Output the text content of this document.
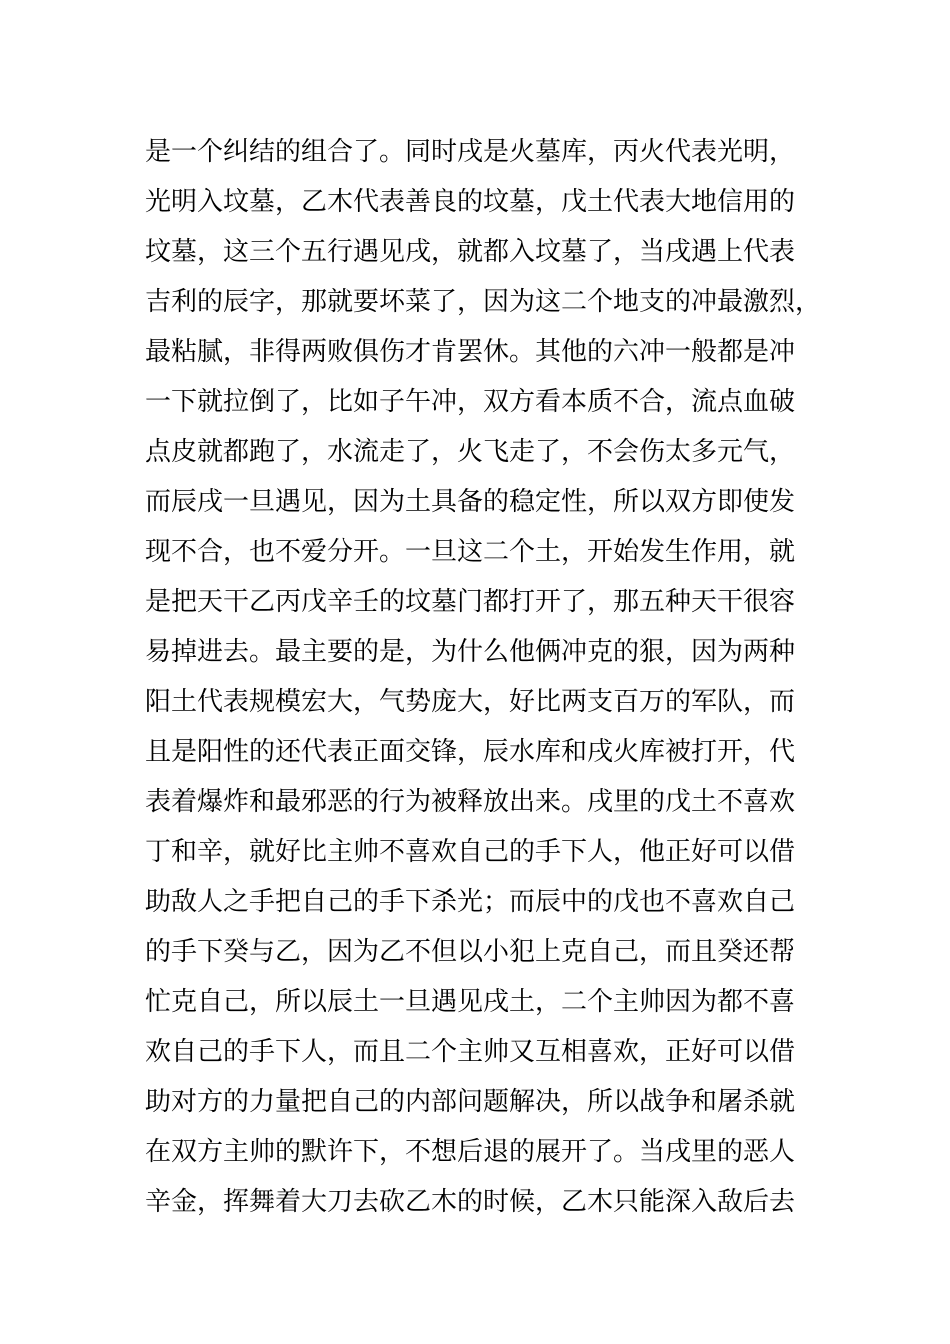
是一个纠结的组合了。同时戌是火墓库，丙火代表光明，
光明入坟墓，乙木代表善良的坟墓，戊土代表大地信用的
坟墓，这三个五行遇见戌，就都入坟墓了，当戌遇上代表
吉利的辰字，那就要坏菜了，因为这二个地支的冲最激烈，
最粘腻，非得两败俱伤才肯罢休。其他的六冲一般都是冲
一下就拉倒了，比如子午冲，双方看本质不合，流点血破
点皮就都跑了，水流走了，火飞走了，不会伤太多元气，
而辰戌一旦遇见，因为土具备的稳定性，所以双方即使发
现不合，也不爱分开。一旦这二个土，开始发生作用，就
是把天干乙丙戊辛壬的坟墓门都打开了，那五种天干很容
易掉进去。最主要的是，为什么他俩冲克的狠，因为两种
阳土代表规模宏大，气势庞大，好比两支百万的军队，而
且是阳性的还代表正面交锋，辰水库和戌火库被打开，代
表着爆炸和最邪恶的行为被释放出来。戌里的戊土不喜欢
丁和辛，就好比主帅不喜欢自己的手下人，他正好可以借
助敌人之手把自己的手下杀光；而辰中的戊也不喜欢自己
的手下癸与乙，因为乙不但以小犯上克自己，而且癸还帮
忙克自己，所以辰土一旦遇见戌土，二个主帅因为都不喜
欢自己的手下人，而且二个主帅又互相喜欢，正好可以借
助对方的力量把自己的内部问题解决，所以战争和屠杀就
在双方主帅的默许下，不想后退的展开了。当戌里的恶人
辛金，挥舞着大刀去砍乙木的时候，乙木只能深入敌后去
